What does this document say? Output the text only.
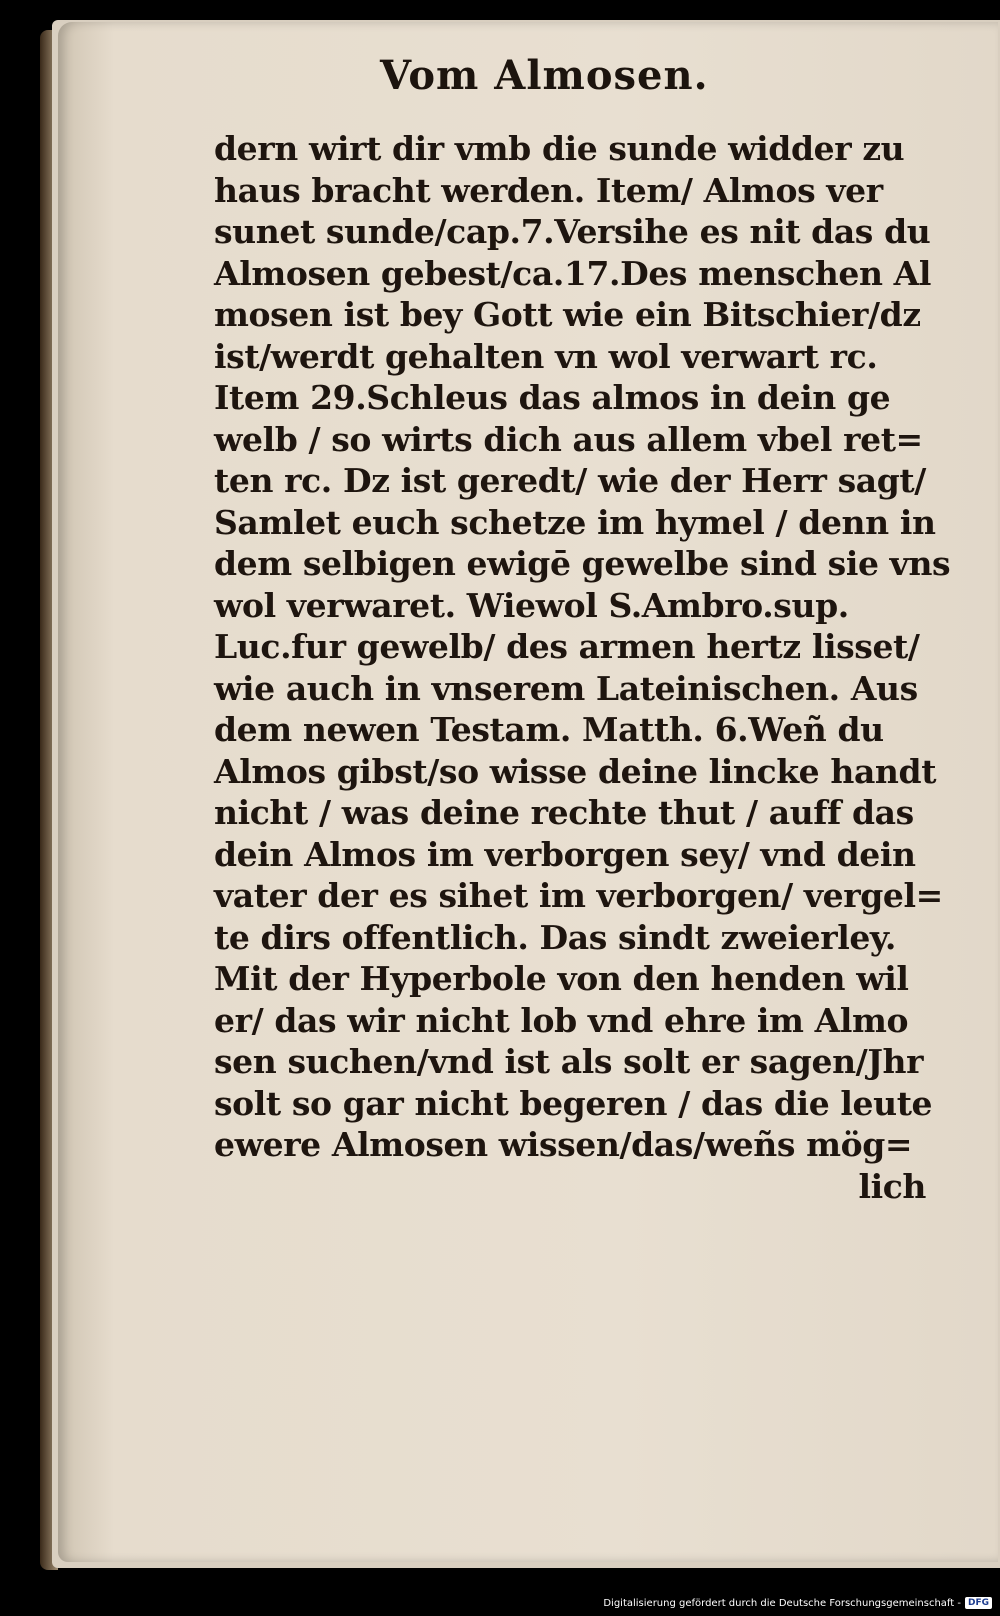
Vom Almosen.
dern wirt dir vmb die sunde widder zu
haus bracht werden. Item/ Almos ver
sunet sunde/cap.7.Versihe es nit das du
Almosen gebest/ca.17.Des menschen Al
mosen ist bey Gott wie ein Bitschier/dz
ist/werdt gehalten vn wol verwart rc.
Item 29.Schleus das almos in dein ge
welb / so wirts dich aus allem vbel ret=
ten rc. Dz ist geredt/ wie der Herr sagt/
Samlet euch schetze im hymel / denn in
dem selbigen ewigē gewelbe sind sie vns
wol verwaret. Wiewol S.Ambro.sup.
Luc.fur gewelb/ des armen hertz lisset/
wie auch in vnserem Lateinischen. Aus
dem newen Testam. Matth. 6.Weñ du
Almos gibst/so wisse deine lincke handt
nicht / was deine rechte thut / auff das
dein Almos im verborgen sey/ vnd dein
vater der es sihet im verborgen/ vergel=
te dirs offentlich. Das sindt zweierley.
Mit der Hyperbole von den henden wil
er/ das wir nicht lob vnd ehre im Almo
sen suchen/vnd ist als solt er sagen/Jhr
solt so gar nicht begeren / das die leute
ewere Almosen wissen/das/weñs mög=
lich
Digitalisierung gefördert durch die Deutsche Forschungsgemeinschaft - DFG
